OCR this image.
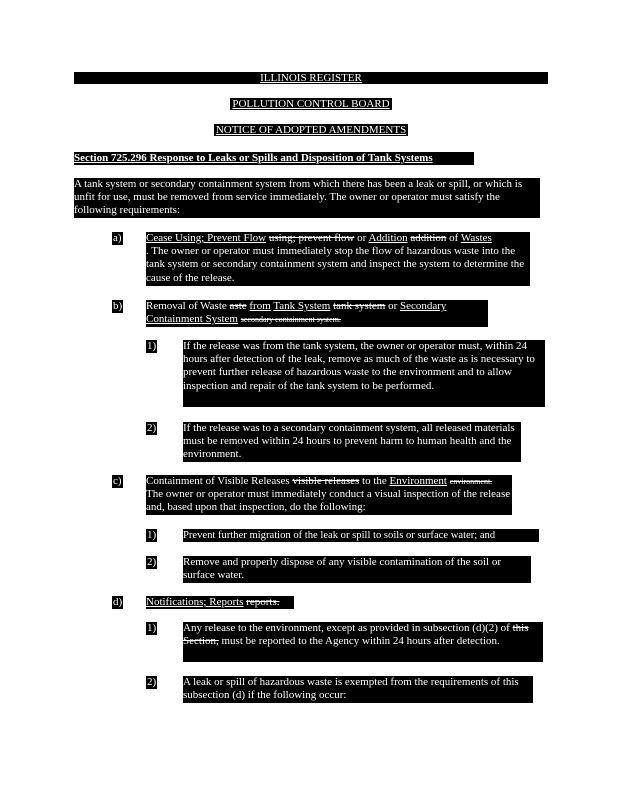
ILLINOIS REGISTER
POLLUTION CONTROL BOARD
NOTICE OF ADOPTED AMENDMENTS
Section 725.296 Response to Leaks or Spills and Disposition of Tank Systems
A tank system or secondary containment system from which there has been a leak or spill, or which is unfit for use, must be removed from service immediately. The owner or operator must satisfy the following requirements:
a) Cease Using; Prevent Flow using; prevent flow or Addition addition of Wastes
. The owner or operator must immediately stop the flow of hazardous waste into the tank system or secondary containment system and inspect the system to determine the cause of the release.
b) Removal of Waste aste from Tank System tank system or Secondary Containment System secondary containment system.
1) If the release was from the tank system, the owner or operator must, within 24 hours after detection of the leak, remove as much of the waste as is necessary to prevent further release of hazardous waste to the environment and to allow inspection and repair of the tank system to be performed.
2) If the release was to a secondary containment system, all released materials must be removed within 24 hours to prevent harm to human health and the environment.
c) Containment of Visible Releases visible releases to the Environment environment.
The owner or operator must immediately conduct a visual inspection of the release and, based upon that inspection, do the following:
1)	Prevent further migration of the leak or spill to soils or surface water; and
2) Remove and properly dispose of any visible contamination of the soil or surface water.
d) Notifications; Reports reports.
1) Any release to the environment, except as provided in subsection (d)(2) of this Section, must be reported to the Agency within 24 hours after detection.
2) A leak or spill of hazardous waste is exempted from the requirements of this subsection (d) if the following occur:
